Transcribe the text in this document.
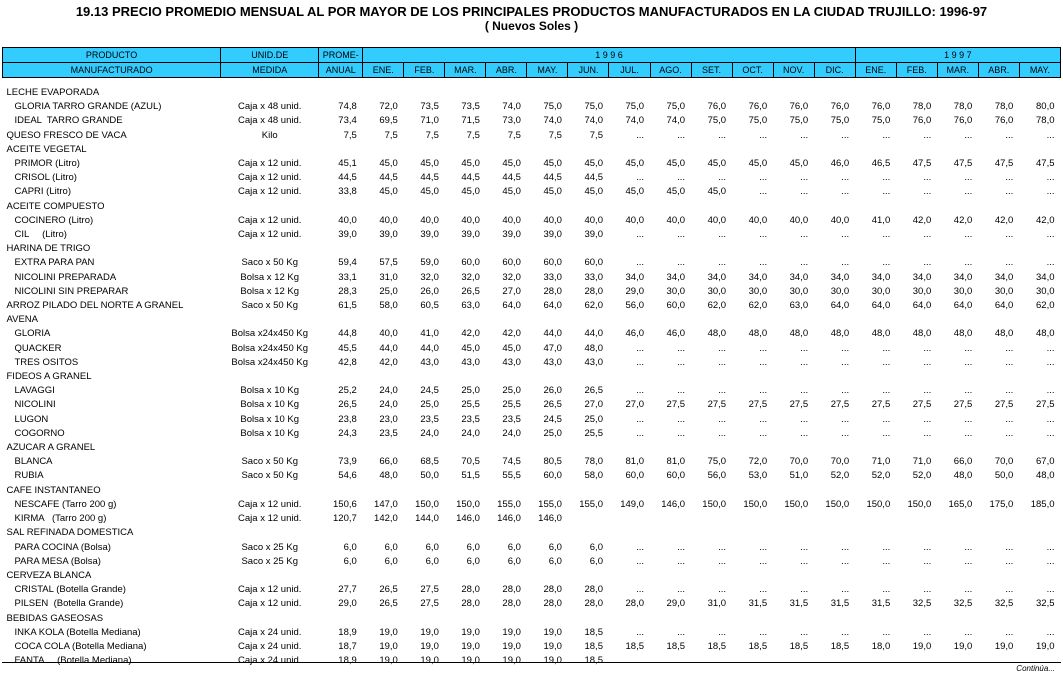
19.13 PRECIO PROMEDIO MENSUAL AL POR MAYOR DE LOS PRINCIPALES PRODUCTOS MANUFACTURADOS EN LA CIUDAD TRUJILLO: 1996-97
( Nuevos Soles )
PRODUCTO	UNID.DE	PROME-	1 9 9 6												1 9 9 7				
MANUFACTURADO	MEDIDA	ANUAL	ENE.	FEB.	MAR.	ABR.	MAY.	JUN.	JUL.	AGO.	SET.	OCT.	NOV.	DIC.	ENE.	FEB.	MAR.	ABR.	MAY.

LECHE EVAPORADA																			
GLORIA TARRO GRANDE (AZUL)	Caja x 48 unid.	74,8	72,0	73,5	73,5	74,0	75,0	75,0	75,0	75,0	76,0	76,0	76,0	76,0	76,0	78,0	78,0	78,0	80,0
IDEAL  TARRO GRANDE	Caja x 48 unid.	73,4	69,5	71,0	71,5	73,0	74,0	74,0	74,0	74,0	75,0	75,0	75,0	75,0	75,0	76,0	76,0	76,0	78,0
QUESO FRESCO DE VACA	Kilo	7,5	7,5	7,5	7,5	7,5	7,5	7,5	...	...	...	...	...	...	...	...	...	...	...
ACEITE VEGETAL																			
PRIMOR (Litro)	Caja x 12 unid.	45,1	45,0	45,0	45,0	45,0	45,0	45,0	45,0	45,0	45,0	45,0	45,0	46,0	46,5	47,5	47,5	47,5	47,5
CRISOL (Litro)	Caja x 12 unid.	44,5	44,5	44,5	44,5	44,5	44,5	44,5	...	...	...	...	...	...	...	...	...	...	...
CAPRI (Litro)	Caja x 12 unid.	33,8	45,0	45,0	45,0	45,0	45,0	45,0	45,0	45,0	45,0	...	...	...	...	...	...	...	...
ACEITE COMPUESTO																			
COCINERO (Litro)	Caja x 12 unid.	40,0	40,0	40,0	40,0	40,0	40,0	40,0	40,0	40,0	40,0	40,0	40,0	40,0	41,0	42,0	42,0	42,0	42,0
CIL     (Litro)	Caja x 12 unid.	39,0	39,0	39,0	39,0	39,0	39,0	39,0	...	...	...	...	...	...	...	...	...	...	...
HARINA DE TRIGO																			
EXTRA PARA PAN	Saco x 50 Kg	59,4	57,5	59,0	60,0	60,0	60,0	60,0	...	...	...	...	...	...	...	...	...	...	...
NICOLINI PREPARADA	Bolsa x 12 Kg	33,1	31,0	32,0	32,0	32,0	33,0	33,0	34,0	34,0	34,0	34,0	34,0	34,0	34,0	34,0	34,0	34,0	34,0
NICOLINI SIN PREPARAR	Bolsa x 12 Kg	28,3	25,0	26,0	26,5	27,0	28,0	28,0	29,0	30,0	30,0	30,0	30,0	30,0	30,0	30,0	30,0	30,0	30,0
ARROZ PILADO DEL NORTE A GRANEL	Saco x 50 Kg	61,5	58,0	60,5	63,0	64,0	64,0	62,0	56,0	60,0	62,0	62,0	63,0	64,0	64,0	64,0	64,0	64,0	62,0
AVENA																			
GLORIA	Bolsa x24x450 Kg	44,8	40,0	41,0	42,0	42,0	44,0	44,0	46,0	46,0	48,0	48,0	48,0	48,0	48,0	48,0	48,0	48,0	48,0
QUACKER	Bolsa x24x450 Kg	45,5	44,0	44,0	45,0	45,0	47,0	48,0	...	...	...	...	...	...	...	...	...	...	...
TRES OSITOS	Bolsa x24x450 Kg	42,8	42,0	43,0	43,0	43,0	43,0	43,0	...	...	...	...	...	...	...	...	...	...	...
FIDEOS A GRANEL																			
LAVAGGI	Bolsa x 10 Kg	25,2	24,0	24,5	25,0	25,0	26,0	26,5	...	...	...	...	...	...	...	...	...	...	...
NICOLINI	Bolsa x 10 Kg	26,5	24,0	25,0	25,5	25,5	26,5	27,0	27,0	27,5	27,5	27,5	27,5	27,5	27,5	27,5	27,5	27,5	27,5
LUGON	Bolsa x 10 Kg	23,8	23,0	23,5	23,5	23,5	24,5	25,0	...	...	...	...	...	...	...	...	...	...	...
COGORNO	Bolsa x 10 Kg	24,3	23,5	24,0	24,0	24,0	25,0	25,5	...	...	...	...	...	...	...	...	...	...	...
AZUCAR A GRANEL																			
BLANCA	Saco x 50 Kg	73,9	66,0	68,5	70,5	74,5	80,5	78,0	81,0	81,0	75,0	72,0	70,0	70,0	71,0	71,0	66,0	70,0	67,0
RUBIA	Saco x 50 Kg	54,6	48,0	50,0	51,5	55,5	60,0	58,0	60,0	60,0	56,0	53,0	51,0	52,0	52,0	52,0	48,0	50,0	48,0
CAFE INSTANTANEO																			
NESCAFE (Tarro 200 g)	Caja x 12 unid.	150,6	147,0	150,0	150,0	155,0	155,0	155,0	149,0	146,0	150,0	150,0	150,0	150,0	150,0	150,0	165,0	175,0	185,0
KIRMA   (Tarro 200 g)	Caja x 12 unid.	120,7	142,0	144,0	146,0	146,0	146,0												
SAL REFINADA DOMESTICA																			
PARA COCINA (Bolsa)	Saco x 25 Kg	6,0	6,0	6,0	6,0	6,0	6,0	6,0	...	...	...	...	...	...	...	...	...	...	...
PARA MESA (Bolsa)	Saco x 25 Kg	6,0	6,0	6,0	6,0	6,0	6,0	6,0	...	...	...	...	...	...	...	...	...	...	...
CERVEZA BLANCA																			
CRISTAL (Botella Grande)	Caja x 12 unid.	27,7	26,5	27,5	28,0	28,0	28,0	28,0	...	...	...	...	...	...	...	...	...	...	...
PILSEN  (Botella Grande)	Caja x 12 unid.	29,0	26,5	27,5	28,0	28,0	28,0	28,0	28,0	29,0	31,0	31,5	31,5	31,5	31,5	32,5	32,5	32,5	32,5
BEBIDAS GASEOSAS																			
INKA KOLA (Botella Mediana)	Caja x 24 unid.	18,9	19,0	19,0	19,0	19,0	19,0	18,5	...	...	...	...	...	...	...	...	...	...	...
COCA COLA (Botella Mediana)	Caja x 24 unid.	18,7	19,0	19,0	19,0	19,0	19,0	18,5	18,5	18,5	18,5	18,5	18,5	18,5	18,0	19,0	19,0	19,0	19,0
FANTA     (Botella Mediana)	Caja x 24 unid.	18,9	19,0	19,0	19,0	19,0	19,0	18,5	...	...	...	...	...	...	...	...	...	...	...
Continúa...
